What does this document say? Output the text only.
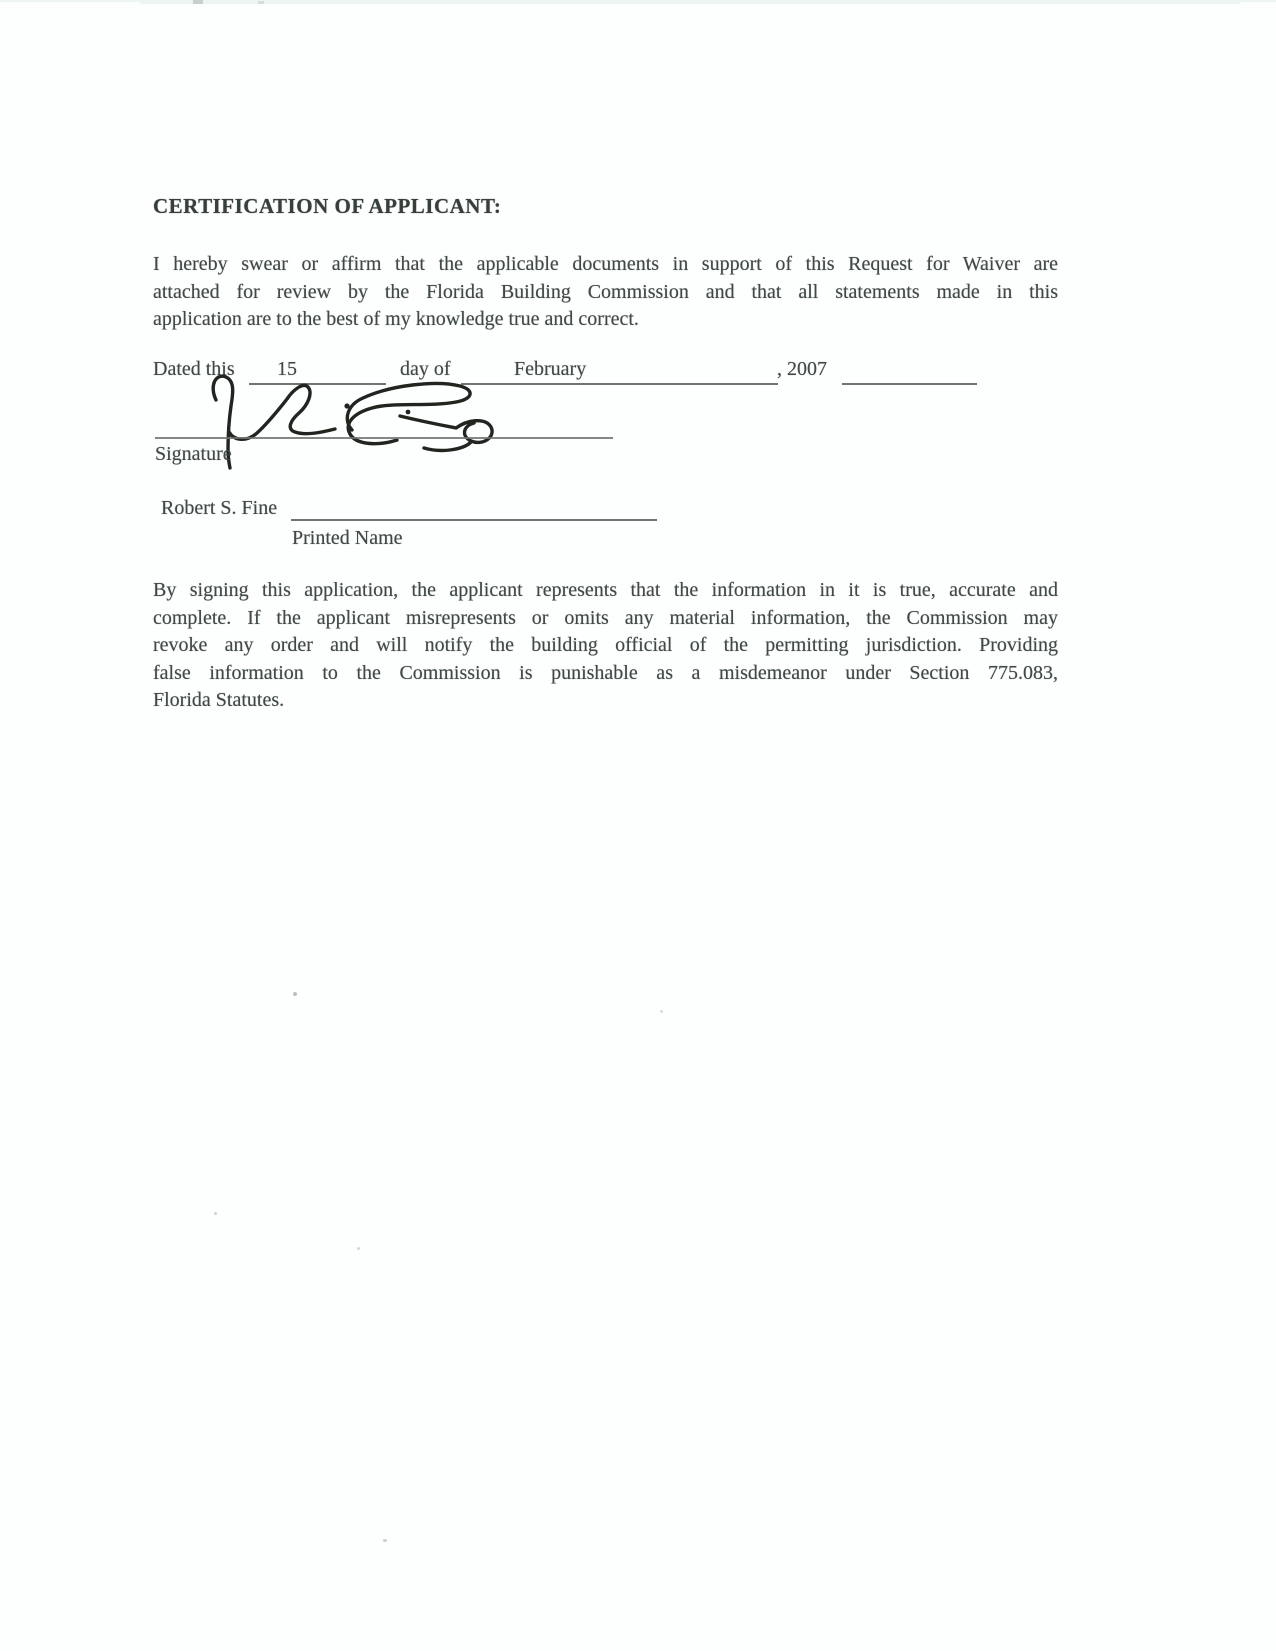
CERTIFICATION OF APPLICANT:
I hereby swear or affirm that the applicable documents in support of this Request for Waiver are
attached for review by the Florida Building Commission and that all statements made in this
application are to the best of my knowledge true and correct.
Dated this 15	day of	February	, 2007
Signature
Robert S. Fine
Printed Name
By signing this application, the applicant represents that the information in it is true, accurate and
complete. If the applicant misrepresents or omits any material information, the Commission may
revoke any order and will notify the building official of the permitting jurisdiction. Providing
false information to the Commission is punishable as a misdemeanor under Section 775.083,
Florida Statutes.
